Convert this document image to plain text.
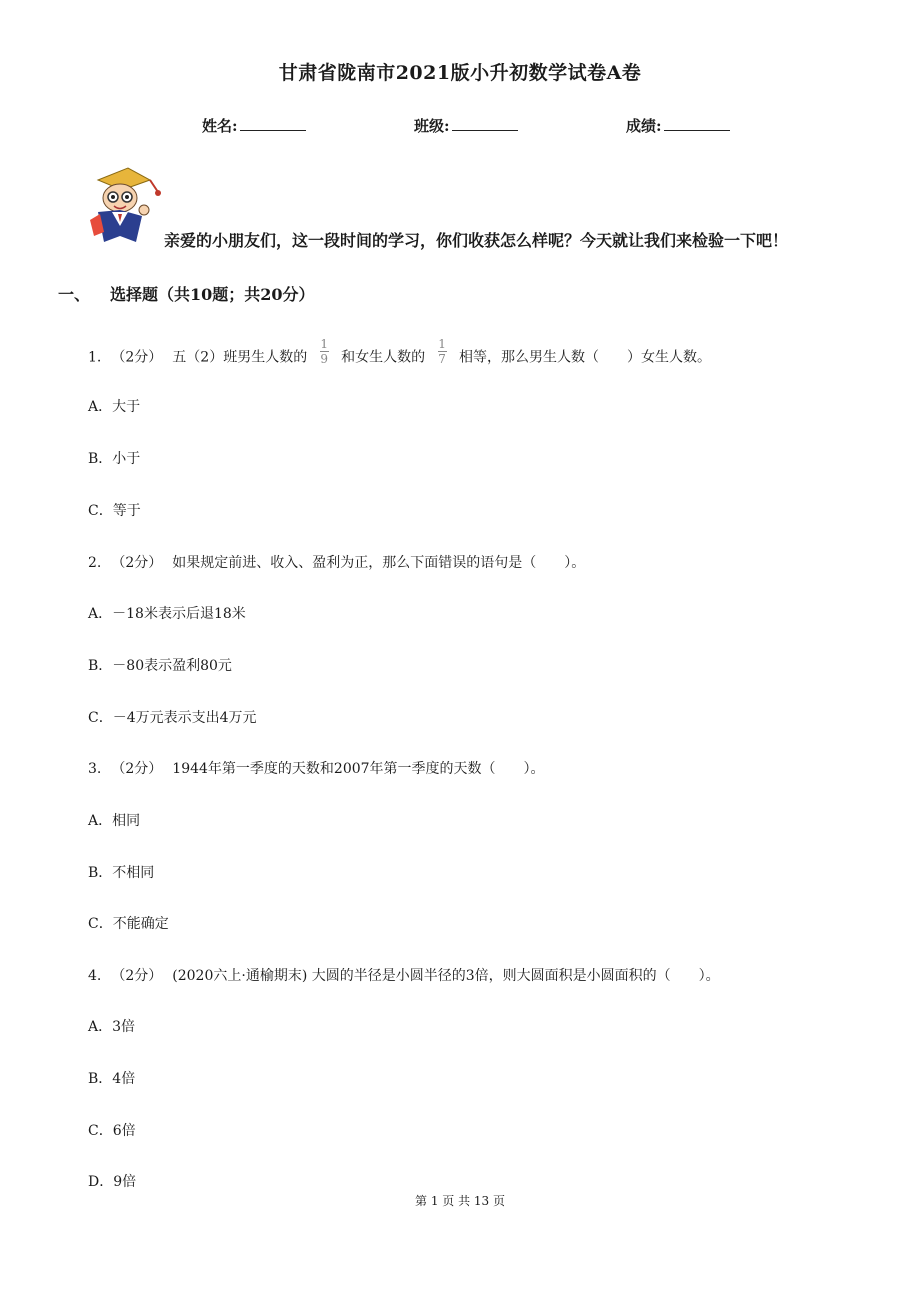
甘肃省陇南市2021版小升初数学试卷A卷
姓名:	班级:	成绩:
亲爱的小朋友们，这一段时间的学习，你们收获怎么样呢？今天就让我们来检验一下吧！
一、 选择题（共10题；共20分）
1. （2分） 五（2）班男生人数的 $\frac{1}{9}$ 和女生人数的 $\frac{1}{7}$ 相等，那么男生人数（　　）女生人数。
A．大于
B．小于
C．等于
2. （2分） 如果规定前进、收入、盈利为正，那么下面错误的语句是（　　）。
A．－18米表示后退18米
B．－80表示盈利80元
C．－4万元表示支出4万元
3. （2分） 1944年第一季度的天数和2007年第一季度的天数（　　）。
A．相同
B．不相同
C．不能确定
4. （2分） (2020六上·通榆期末) 大圆的半径是小圆半径的3倍，则大圆面积是小圆面积的（　　）。
A．3倍
B．4倍
C．6倍
D．9倍
第 1 页 共 13 页
